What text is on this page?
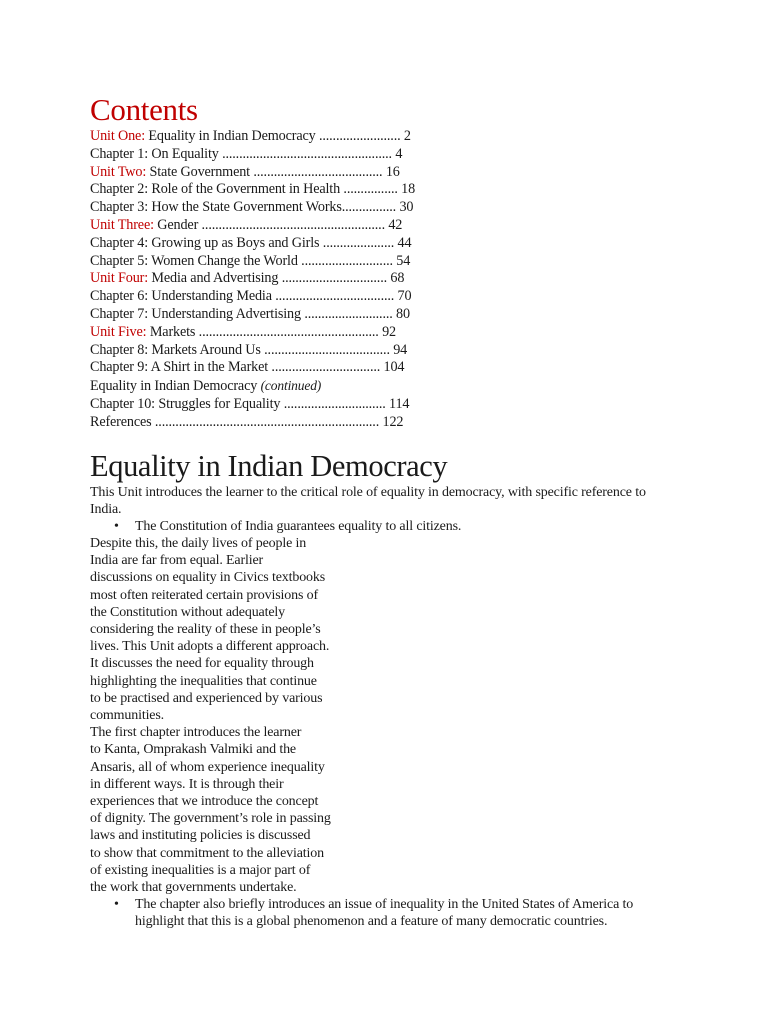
Contents
Unit One: Equality in Indian Democracy ........................ 2
Chapter 1: On Equality .................................................. 4
Unit Two: State Government ...................................... 16
Chapter 2: Role of the Government in Health ................ 18
Chapter 3: How the State Government Works................ 30
Unit Three: Gender ...................................................... 42
Chapter 4: Growing up as Boys and Girls ..................... 44
Chapter 5: Women Change the World ........................... 54
Unit Four: Media and Advertising ............................... 68
Chapter 6: Understanding Media ................................... 70
Chapter 7: Understanding Advertising .......................... 80
Unit Five: Markets ..................................................... 92
Chapter 8: Markets Around Us ..................................... 94
Chapter 9: A Shirt in the Market ................................ 104
Equality in Indian Democracy (continued)
Chapter 10: Struggles for Equality .............................. 114
References .................................................................. 122
Equality in Indian Democracy
This Unit introduces the learner to the critical role of equality in democracy, with specific reference to India.
•	The Constitution of India guarantees equality to all citizens.
Despite this, the daily lives of people in
India are far from equal. Earlier
discussions on equality in Civics textbooks
most often reiterated certain provisions of
the Constitution without adequately
considering the reality of these in people’s
lives. This Unit adopts a different approach.
It discusses the need for equality through
highlighting the inequalities that continue
to be practised and experienced by various
communities.
The first chapter introduces the learner
to Kanta, Omprakash Valmiki and the
Ansaris, all of whom experience inequality
in different ways. It is through their
experiences that we introduce the concept
of dignity. The government’s role in passing
laws and instituting policies is discussed
to show that commitment to the alleviation
of existing inequalities is a major part of
the work that governments undertake.
•	The chapter also briefly introduces an issue of inequality in the United States of America to
highlight that this is a global phenomenon and a feature of many democratic countries.
